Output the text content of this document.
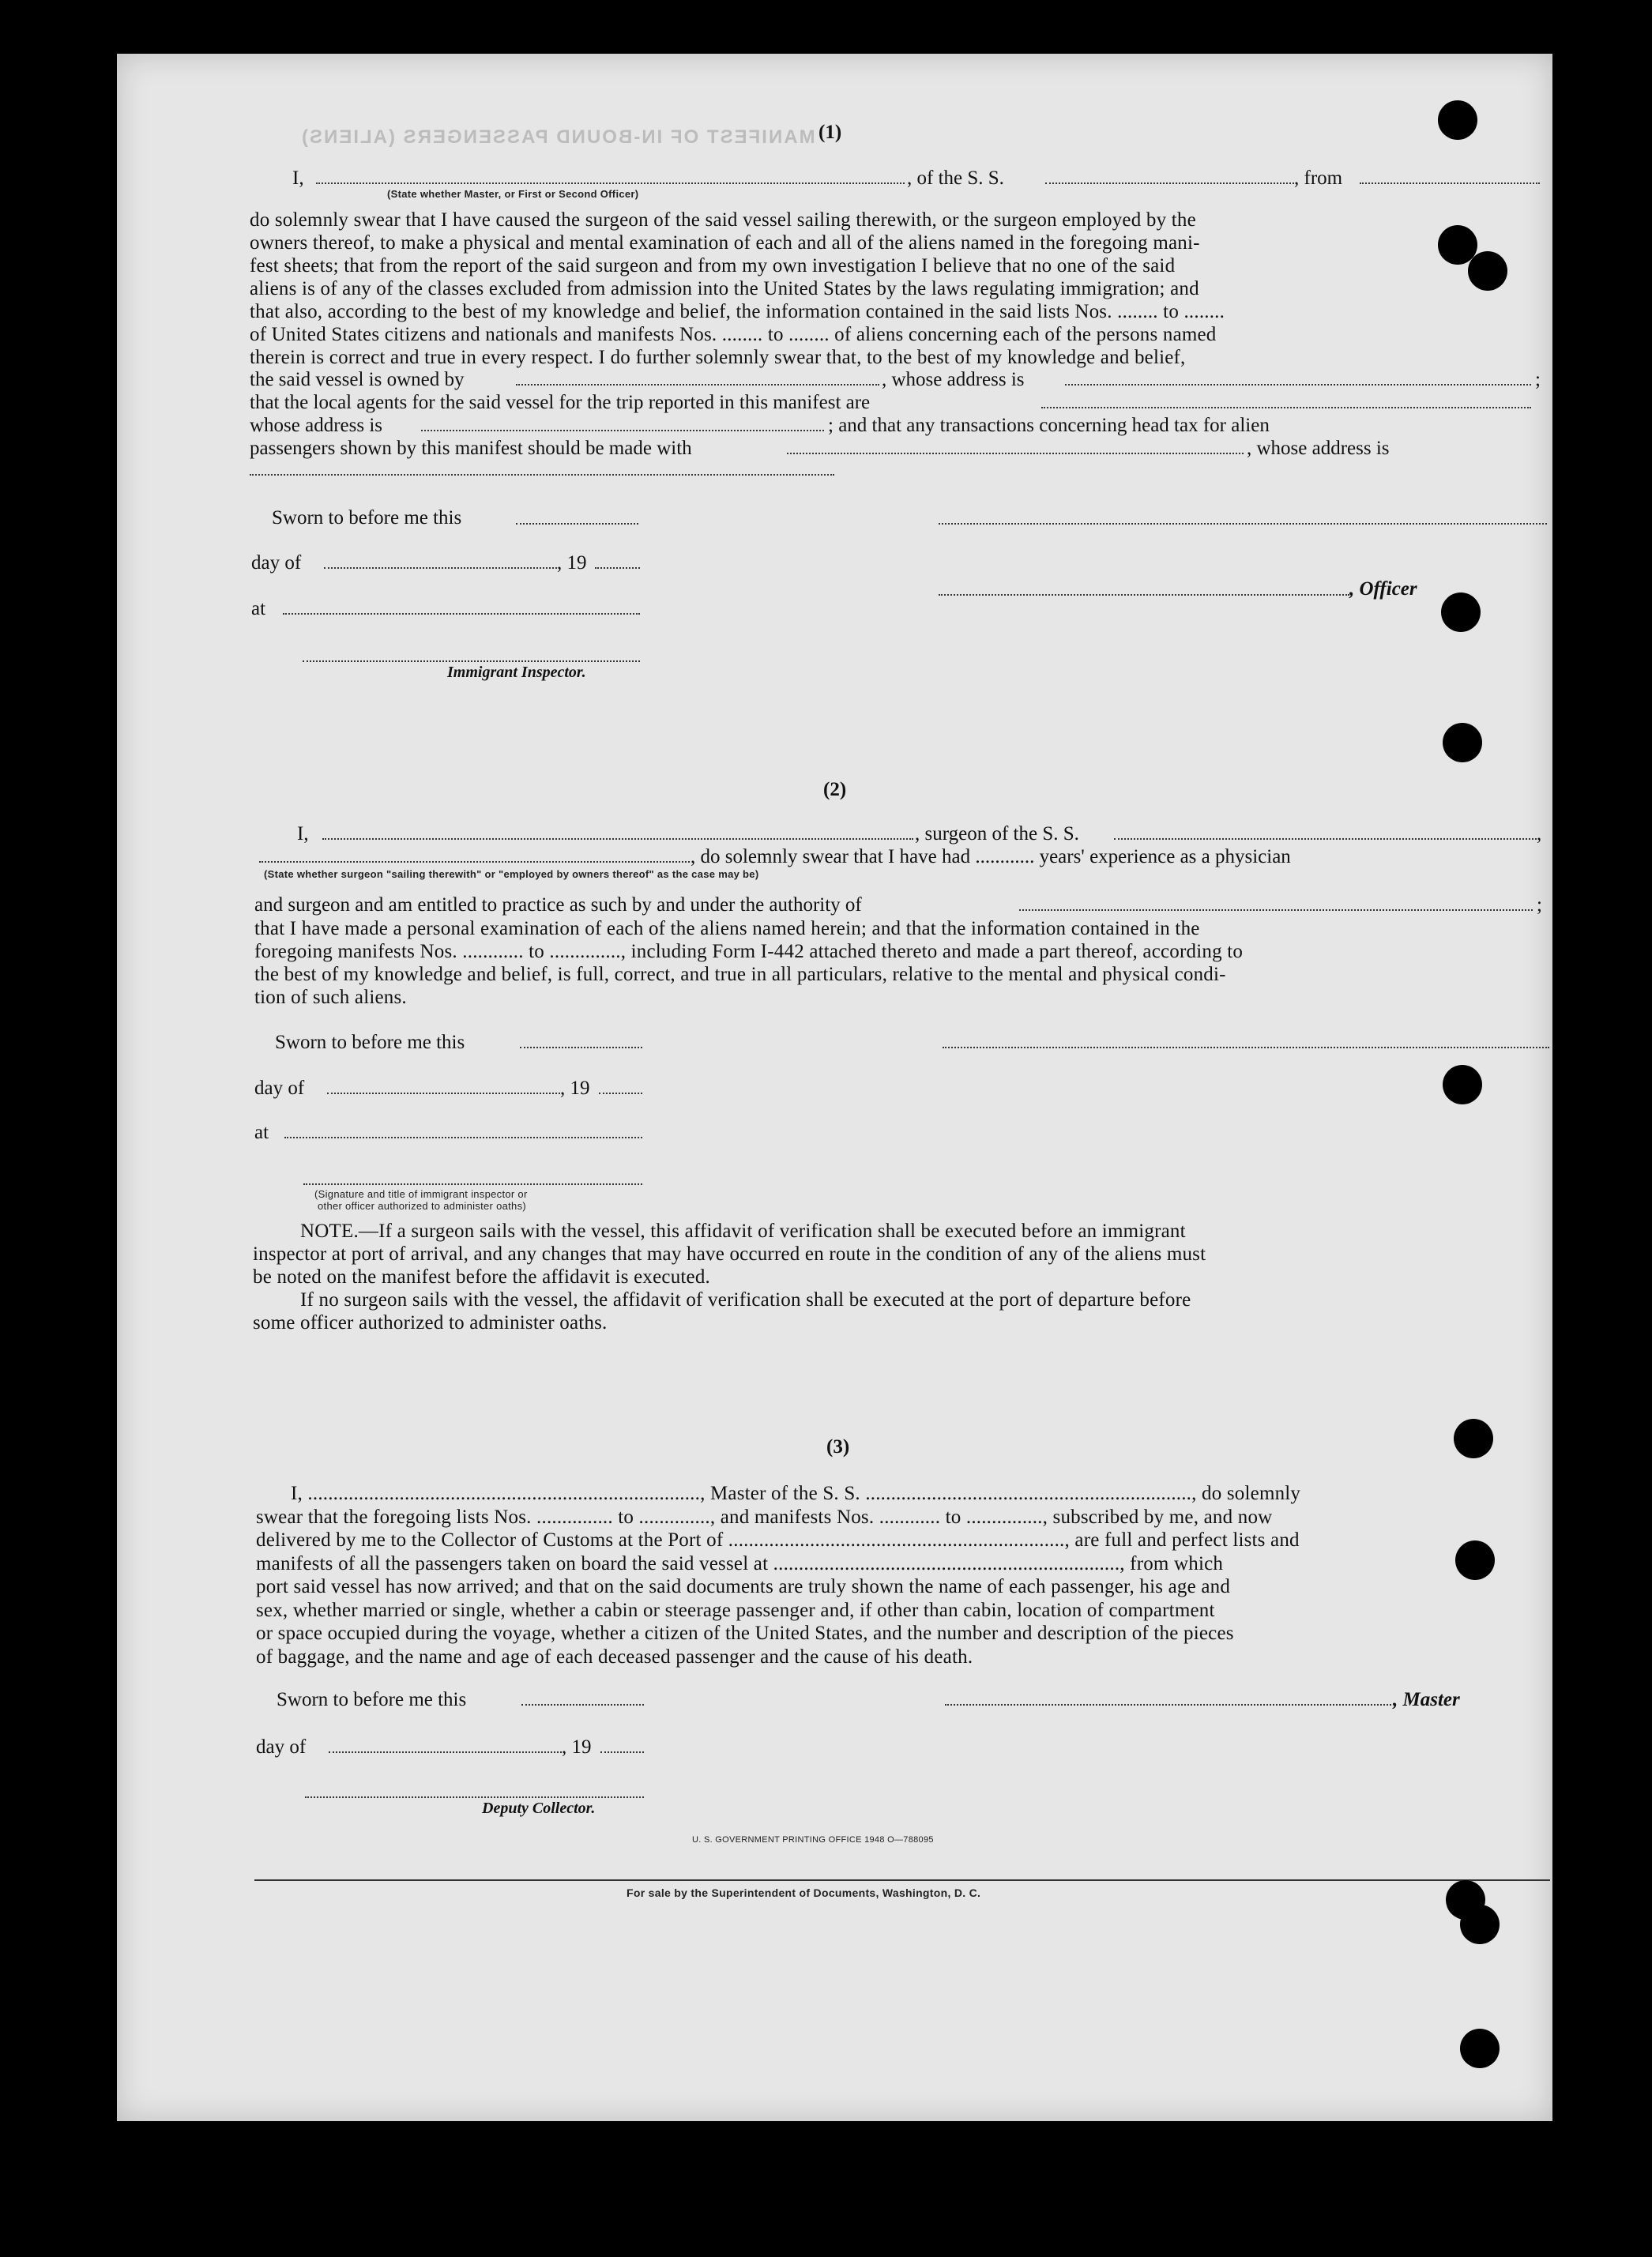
MANIFEST OF IN-BOUND PASSENGERS (ALIENS) (1)
I,	, of the S. S.	, from
(State whether Master, or First or Second Officer)

do solemnly swear that I have caused the surgeon of the said vessel sailing therewith, or the surgeon employed by the

owners thereof, to make a physical and mental examination of each and all of the aliens named in the foregoing mani-

fest sheets; that from the report of the said surgeon and from my own investigation I believe that no one of the said

aliens is of any of the classes excluded from admission into the United States by the laws regulating immigration; and

that also, according to the best of my knowledge and belief, the information contained in the said lists Nos. ........ to ........

of United States citizens and nationals and manifests Nos. ........ to ........ of aliens concerning each of the persons named

therein is correct and true in every respect. I do further solemnly swear that, to the best of my knowledge and belief,

the said vessel is owned by	, whose address is	;
that the local agents for the said vessel for the trip reported in this manifest are
whose address is	; and that any transactions concerning head tax for alien
passengers shown by this manifest should be made with	, whose address is
Sworn to before me this
day of	, 19
, Officer
at
Immigrant Inspector.
(2)
I,	, surgeon of the S. S.	,
, do solemnly swear that I have had ............ years' experience as a physician
(State whether surgeon "sailing therewith" or "employed by owners thereof" as the case may be)
and surgeon and am entitled to practice as such by and under the authority of	;

that I have made a personal examination of each of the aliens named herein; and that the information contained in the

foregoing manifests Nos. ............ to .............., including Form I-442 attached thereto and made a part thereof, according to

the best of my knowledge and belief, is full, correct, and true in all particulars, relative to the mental and physical condi-

tion of such aliens.

Sworn to before me this
day of	, 19
at
(Signature and title of immigrant inspector or
other officer authorized to administer oaths)

NOTE.—If a surgeon sails with the vessel, this affidavit of verification shall be executed before an immigrant

inspector at port of arrival, and any changes that may have occurred en route in the condition of any of the aliens must

be noted on the manifest before the affidavit is executed.

If no surgeon sails with the vessel, the affidavit of verification shall be executed at the port of departure before

some officer authorized to administer oaths.

(3)

I, ............................................................................., Master of the S. S. ................................................................, do solemnly

swear that the foregoing lists Nos. ............... to .............., and manifests Nos. ............ to ..............., subscribed by me, and now

delivered by me to the Collector of Customs at the Port of .................................................................., are full and perfect lists and

manifests of all the passengers taken on board the said vessel at ...................................................................., from which

port said vessel has now arrived; and that on the said documents are truly shown the name of each passenger, his age and

sex, whether married or single, whether a cabin or steerage passenger and, if other than cabin, location of compartment

or space occupied during the voyage, whether a citizen of the United States, and the number and description of the pieces

of baggage, and the name and age of each deceased passenger and the cause of his death.

Sworn to before me this	, Master
day of	, 19
Deputy Collector.
U. S. GOVERNMENT PRINTING OFFICE 1948 O—788095
For sale by the Superintendent of Documents, Washington, D. C.
